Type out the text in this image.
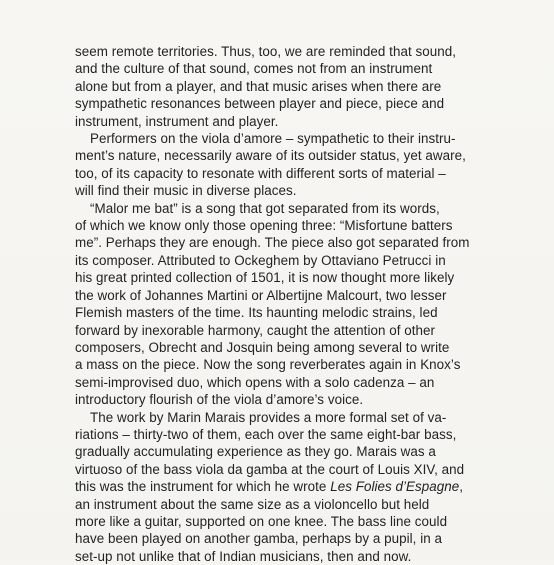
seem remote territories. Thus, too, we are reminded that sound,
and the culture of that sound, comes not from an instrument
alone but from a player, and that music arises when there are
sympathetic resonances between player and piece, piece and
instrument, instrument and player.

Performers on the viola d’amore – sympathetic to their instru-
ment’s nature, necessarily aware of its outsider status, yet aware,
too, of its capacity to resonate with different sorts of material –
will find their music in diverse places.

“Malor me bat” is a song that got separated from its words,
of which we know only those opening three: “Misfortune batters
me”. Perhaps they are enough. The piece also got separated from
its composer. Attributed to Ockeghem by Ottaviano Petrucci in
his great printed collection of 1501, it is now thought more likely
the work of Johannes Martini or Albertijne Malcourt, two lesser
Flemish masters of the time. Its haunting melodic strains, led
forward by inexorable harmony, caught the attention of other
composers, Obrecht and Josquin being among several to write
a mass on the piece. Now the song reverberates again in Knox’s
semi-improvised duo, which opens with a solo cadenza – an
introductory flourish of the viola d’amore’s voice.

The work by Marin Marais provides a more formal set of va-
riations – thirty-two of them, each over the same eight-bar bass,
gradually accumulating experience as they go. Marais was a
virtuoso of the bass viola da gamba at the court of Louis XIV, and
this was the instrument for which he wrote Les Folies d’Espagne,
an instrument about the same size as a violoncello but held
more like a guitar, supported on one knee. The bass line could
have been played on another gamba, perhaps by a pupil, in a
set-up not unlike that of Indian musicians, then and now.
